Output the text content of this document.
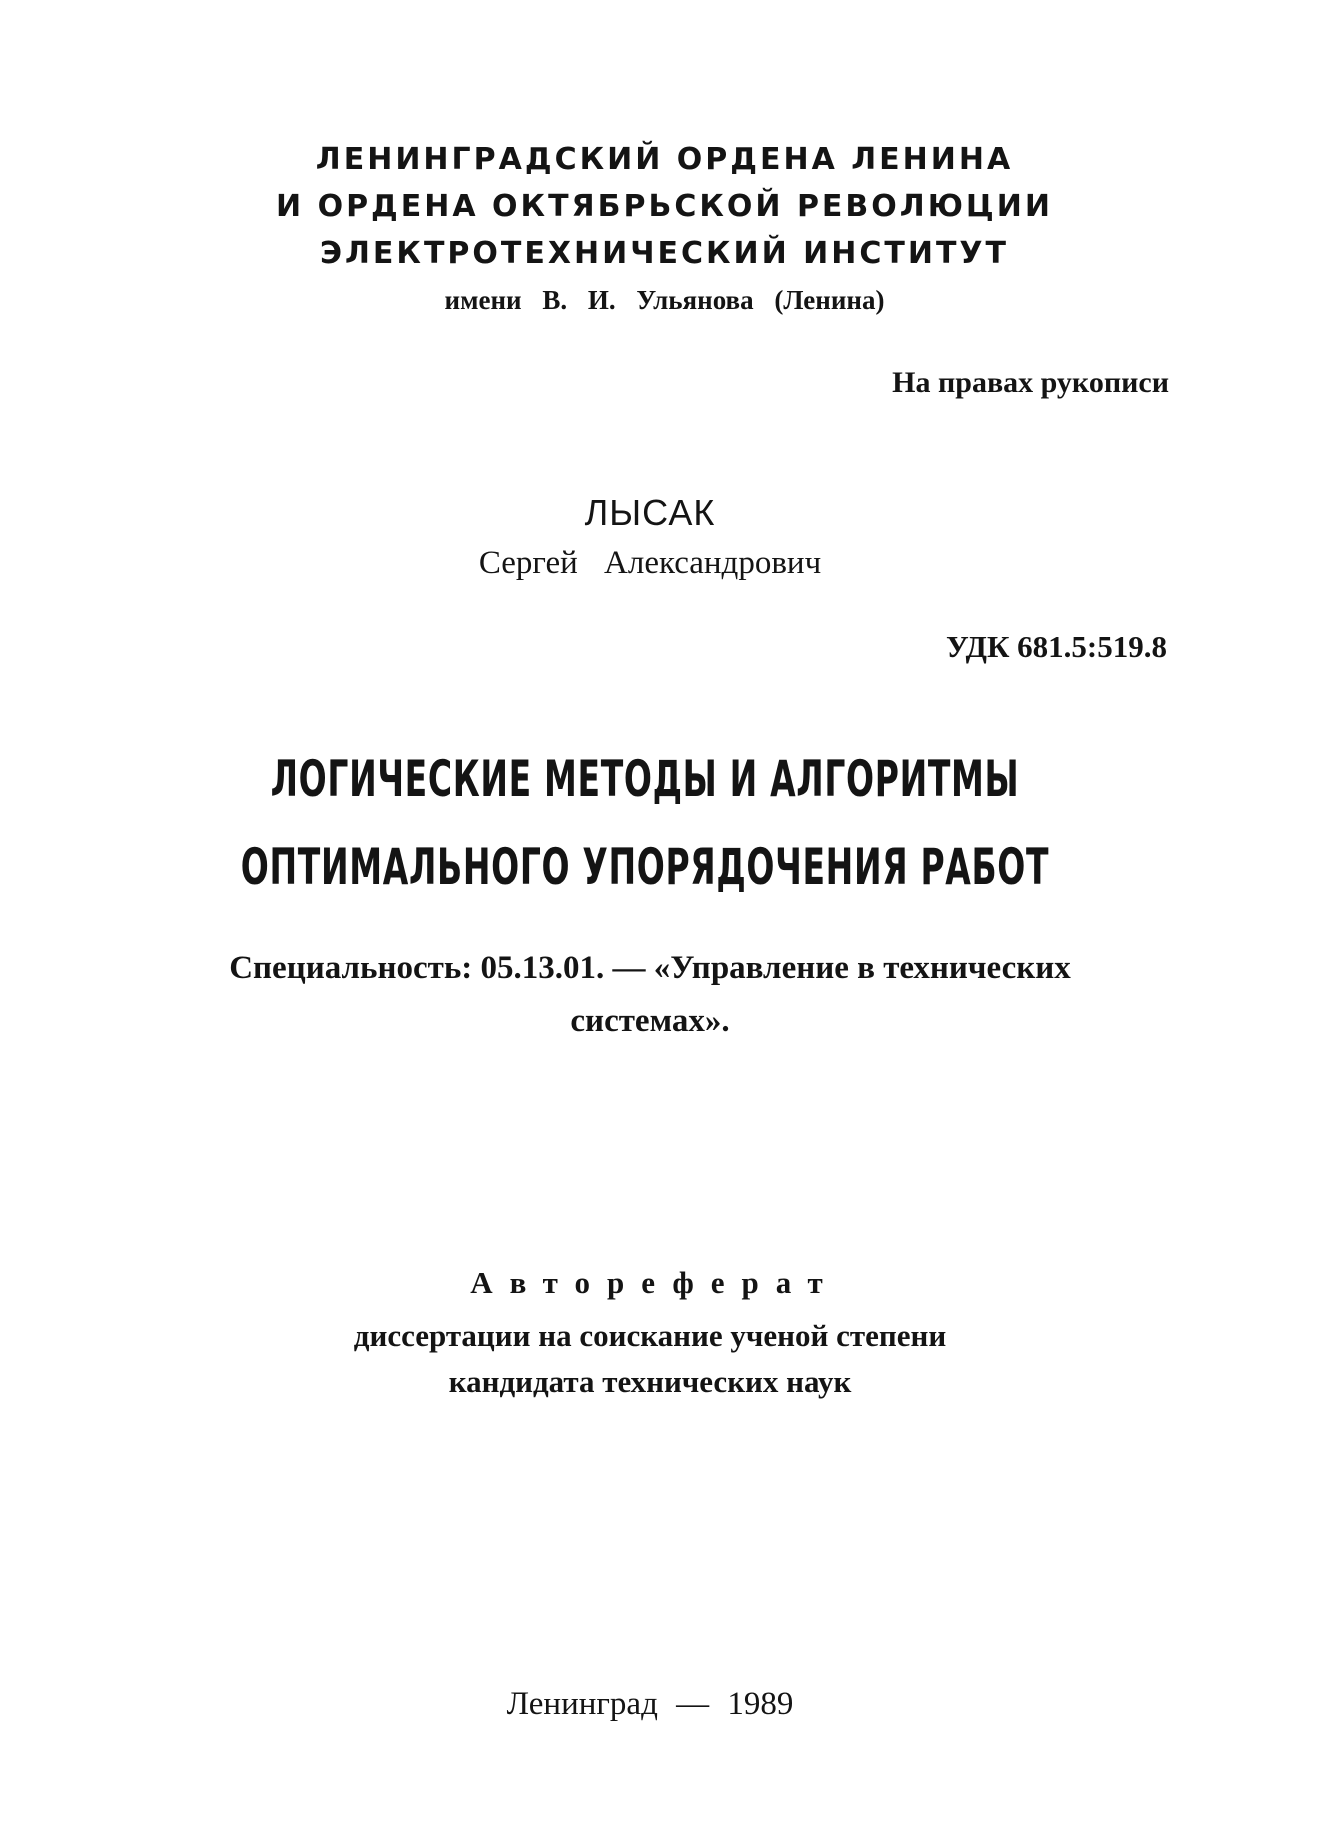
ЛЕНИНГРАДСКИЙ ОРДЕНА ЛЕНИНА

И ОРДЕНА ОКТЯБРЬСКОЙ РЕВОЛЮЦИИ

ЭЛЕКТРОТЕХНИЧЕСКИЙ ИНСТИТУТ

имени В. И. Ульянова (Ленина)

На правах рукописи

ЛЫСАК

Сергей Александрович

УДК 681.5:519.8

ЛОГИЧЕСКИЕ МЕТОДЫ И АЛГОРИТМЫ

ОПТИМАЛЬНОГО УПОРЯДОЧЕНИЯ РАБОТ

Специальность: 05.13.01. — «Управление в технических

системах».

Автореферат

диссертации на соискание ученой степени

кандидата технических наук

Ленинград — 1989
